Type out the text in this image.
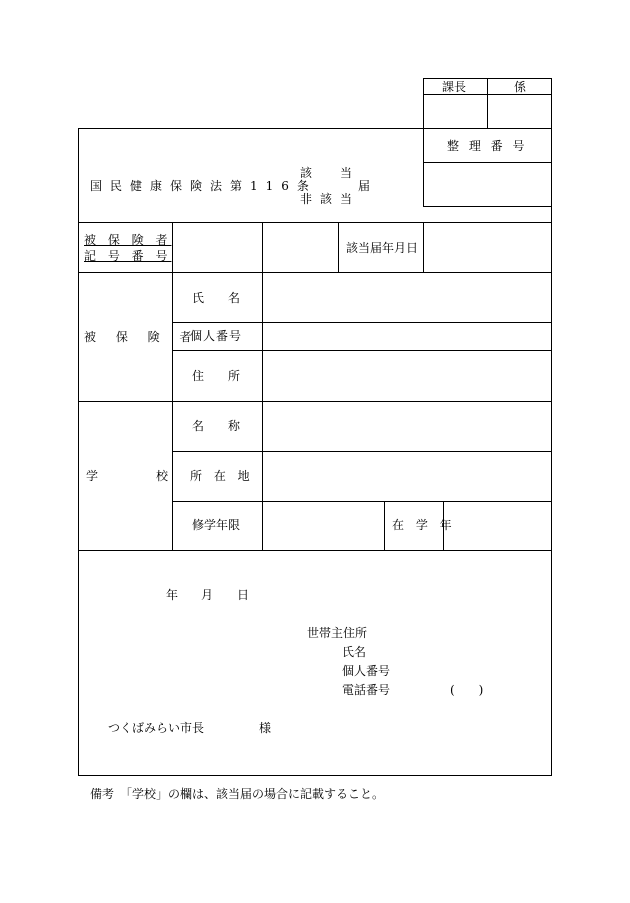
課長	係
整 理 番 号
国民健康保険法第116条
該　当
非該当
届
被 保 険 者
記 号 番 号
該当届年月日
被 保 険 者
氏　　名
個人番号
住　　所
学	校
名　　称
所 在 地
修学年限	在 学 年
年 月 日
世帯主住所
氏名
個人番号
電話番号	(　　)
つくばみらい市長	様
備考　「学校」の欄は、該当届の場合に記載すること。
